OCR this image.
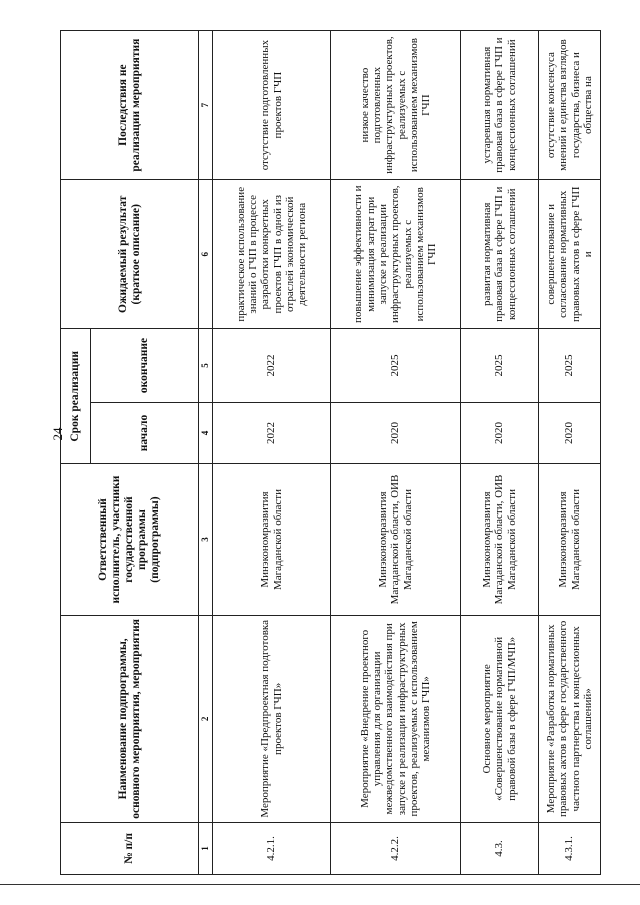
24
№ п/п	Наименование подпрограммы, основного мероприятия, мероприятия	Ответственный исполнитель, участники государственной программы (подпрограммы)	Срок реализации		Ожидаемый результат (краткое описание)	Последствия не реализации мероприятия
			начало	окончание		
1	2	3	4	5	6	7
4.2.1.	Мероприятие «Предпроектная подготовка проектов ГЧП»	Минэкономразвития Магаданской области	2022	2022	практическое использование знаний о ГЧП в процессе разработки конкретных проектов ГЧП в одной из отраслей экономической деятельности региона	отсутствие подготовленных проектов ГЧП
4.2.2.	Мероприятие «Внедрение проектного управления для организации межведомственного взаимодействия при запуске и реализации инфраструктурных проектов, реализуемых с использованием механизмов ГЧП»	Минэкономразвития Магаданской области, ОИВ Магаданской области	2020	2025	повышение эффективности и минимизация затрат при запуске и реализации инфраструктурных проектов, реализуемых с использованием механизмов ГЧП	низкое качество подготовленных инфраструктурных проектов, реализуемых с использованием механизмов ГЧП
4.3.	Основное мероприятие «Совершенствование нормативной правовой базы в сфере ГЧП/МЧП»	Минэкономразвития Магаданской области, ОИВ Магаданской области	2020	2025	развитая нормативная правовая база в сфере ГЧП и концессионных соглашений	устаревшая нормативная правовая база в сфере ГЧП и концессионных соглашений
4.3.1.	Мероприятие «Разработка нормативных правовых актов в сфере государственного частного партнерства и концессионных соглашений»	Минэкономразвития Магаданской области	2020	2025	совершенствование и согласование нормативных правовых актов в сфере ГЧП и	отсутствие консенсуса мнений и единства взглядов государства, бизнеса и общества на
